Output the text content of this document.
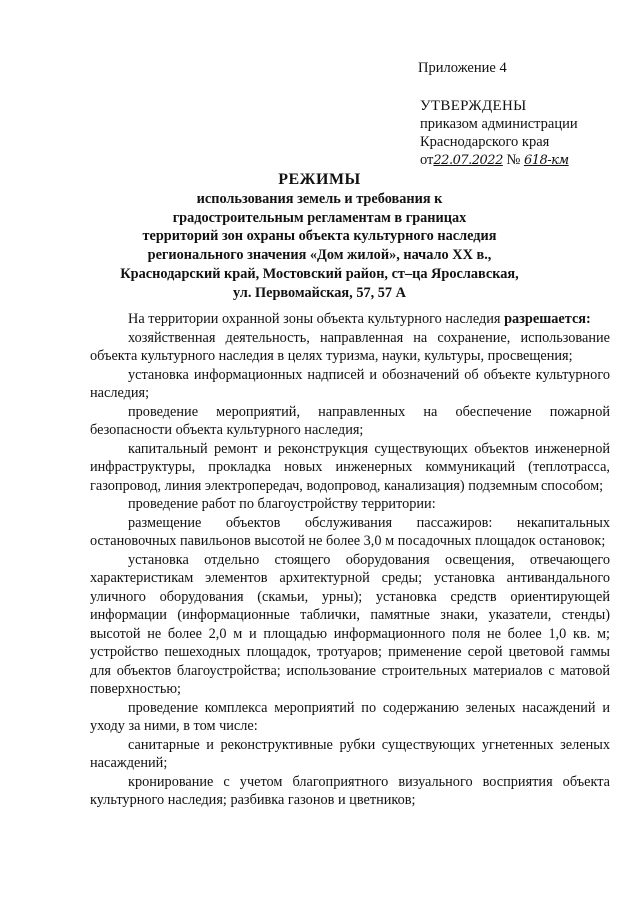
Приложение 4
УТВЕРЖДЕНЫ
приказом администрации
Краснодарского края
от22.07.2022 № 618-км
РЕЖИМЫ
использования земель и требования к
градостроительным регламентам в границах
территорий зон охраны объекта культурного наследия
регионального значения «Дом жилой», начало XX в.,
Краснодарский край, Мостовский район, ст–ца Ярославская,
ул. Первомайская, 57, 57 А

На территории охранной зоны объекта культурного наследия разрешается:

хозяйственная деятельность, направленная на сохранение, использование объекта культурного наследия в целях туризма, науки, культуры, просвещения;

установка информационных надписей и обозначений об объекте культурного наследия;

проведение мероприятий, направленных на обеспечение пожарной безопасности объекта культурного наследия;

капитальный ремонт и реконструкция существующих объектов инженерной инфраструктуры, прокладка новых инженерных коммуникаций (теплотрасса, газопровод, линия электропередач, водопровод, канализация) подземным способом;

проведение работ по благоустройству территории:

размещение объектов обслуживания пассажиров: некапитальных остановочных павильонов высотой не более 3,0 м посадочных площадок остановок;

установка отдельно стоящего оборудования освещения, отвечающего характеристикам элементов архитектурной среды; установка антивандального уличного оборудования (скамьи, урны); установка средств ориентирующей информации (информационные таблички, памятные знаки, указатели, стенды) высотой не более 2,0 м и площадью информационного поля не более 1,0 кв. м; устройство пешеходных площадок, тротуаров; применение серой цветовой гаммы для объектов благоустройства; использование строительных материалов с матовой поверхностью;

проведение комплекса мероприятий по содержанию зеленых насаждений и уходу за ними, в том числе:

санитарные и реконструктивные рубки существующих угнетенных зеленых насаждений;

кронирование с учетом благоприятного визуального восприятия объекта культурного наследия; разбивка газонов и цветников;
